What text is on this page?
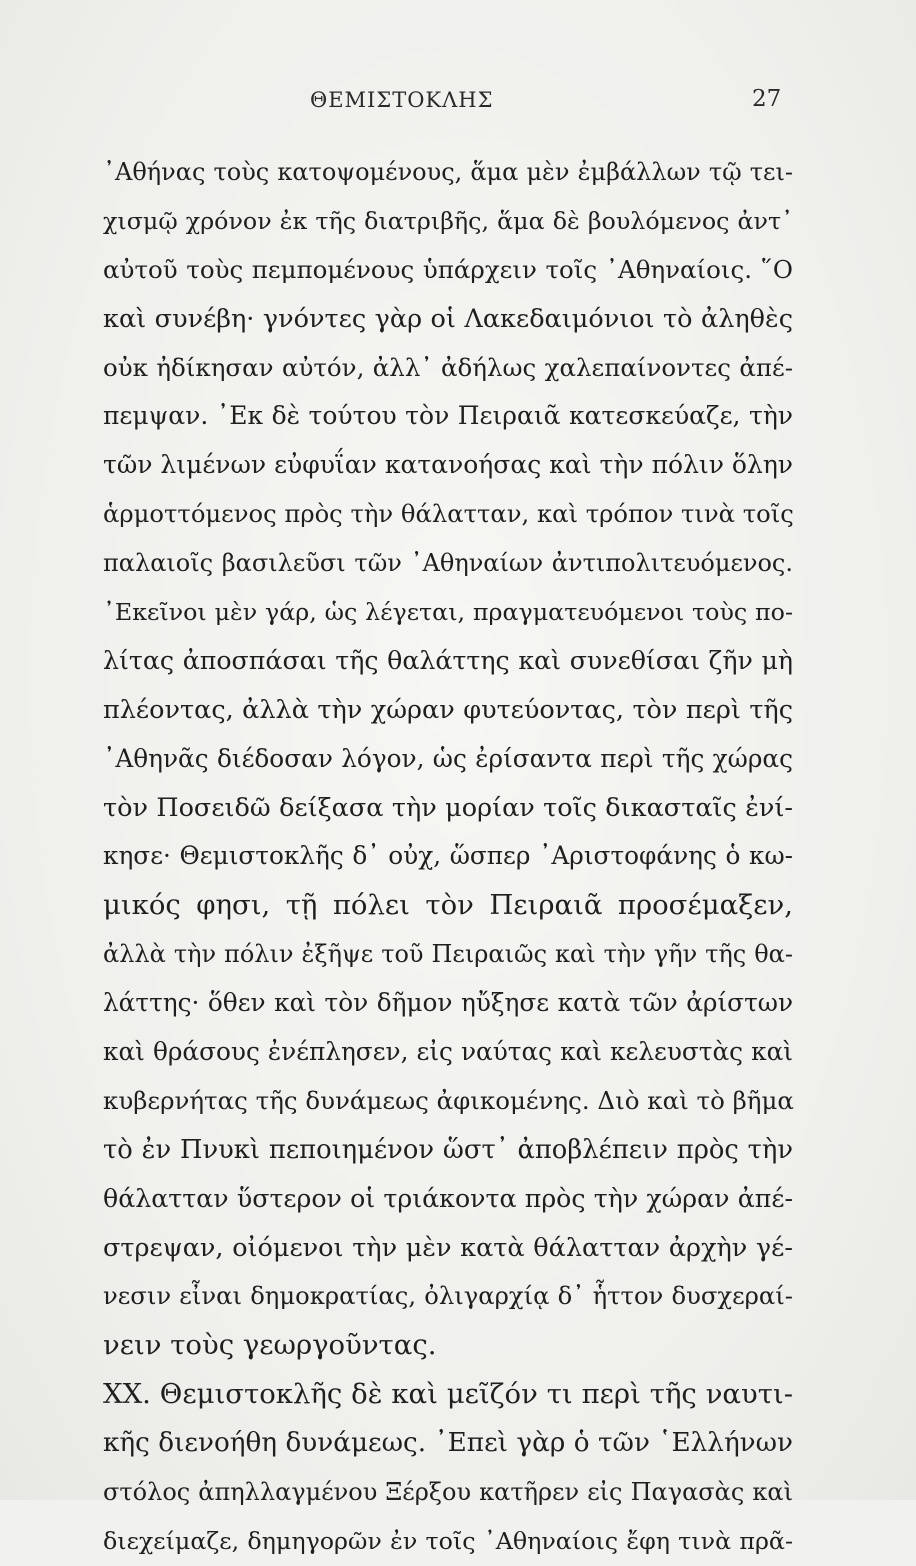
ΘΕΜΙΣΤΟΚΛΗΣ	27
᾿Αθήνας τοὺς κατοψομένους, ἅμα μὲν ἐμβάλλων τῷ τει-
χισμῷ χρόνον ἐκ τῆς διατριβῆς, ἅμα δὲ βουλόμενος ἀντ᾿
αὐτοῦ τοὺς πεμπομένους ὑπάρχειν τοῖς ᾿Αθηναίοις. ῞Ο
καὶ συνέβη· γνόντες γὰρ οἱ Λακεδαιμόνιοι τὸ ἀληθὲς
οὐκ ἠδίκησαν αὐτόν, ἀλλ᾿ ἀδήλως χαλεπαίνοντες ἀπέ-
πεμψαν. ᾿Εκ δὲ τούτου τὸν Πειραιᾶ κατεσκεύαζε, τὴν
τῶν λιμένων εὐφυΐαν κατανοήσας καὶ τὴν πόλιν ὅλην
ἁρμοττόμενος πρὸς τὴν θάλατταν, καὶ τρόπον τινὰ τοῖς
παλαιοῖς βασιλεῦσι τῶν ᾿Αθηναίων ἀντιπολιτευόμενος.
᾿Εκεῖνοι μὲν γάρ, ὡς λέγεται, πραγματευόμενοι τοὺς πο-
λίτας ἀποσπάσαι τῆς θαλάττης καὶ συνεθίσαι ζῆν μὴ
πλέοντας, ἀλλὰ τὴν χώραν φυτεύοντας, τὸν περὶ τῆς
᾿Αθηνᾶς διέδοσαν λόγον, ὡς ἐρίσαντα περὶ τῆς χώρας
τὸν Ποσειδῶ δείξασα τὴν μορίαν τοῖς δικασταῖς ἐνί-
κησε· Θεμιστοκλῆς δ᾿ οὐχ, ὥσπερ ᾿Αριστοφάνης ὁ κω-
μικός φησι, τῇ πόλει τὸν Πειραιᾶ προσέμαξεν,
ἀλλὰ τὴν πόλιν ἐξῆψε τοῦ Πειραιῶς καὶ τὴν γῆν τῆς θα-
λάττης· ὅθεν καὶ τὸν δῆμον ηὔξησε κατὰ τῶν ἀρίστων
καὶ θράσους ἐνέπλησεν, εἰς ναύτας καὶ κελευστὰς καὶ
κυβερνήτας τῆς δυνάμεως ἀφικομένης. Διὸ καὶ τὸ βῆμα
τὸ ἐν Πνυκὶ πεποιημένον ὥστ᾿ ἀποβλέπειν πρὸς τὴν
θάλατταν ὕστερον οἱ τριάκοντα πρὸς τὴν χώραν ἀπέ-
στρεψαν, οἰόμενοι τὴν μὲν κατὰ θάλατταν ἀρχὴν γέ-
νεσιν εἶναι δημοκρατίας, ὀλιγαρχίᾳ δ᾿ ἧττον δυσχεραί-
νειν τοὺς γεωργοῦντας.
ΧΧ. Θεμιστοκλῆς δὲ καὶ μεῖζόν τι περὶ τῆς ναυτι-
κῆς διενοήθη δυνάμεως. ᾿Επεὶ γὰρ ὁ τῶν ῾Ελλήνων
στόλος ἀπηλλαγμένου Ξέρξου κατῆρεν εἰς Παγασὰς καὶ
διεχείμαζε, δημηγορῶν ἐν τοῖς ᾿Αθηναίοις ἔφη τινὰ πρᾶ-
